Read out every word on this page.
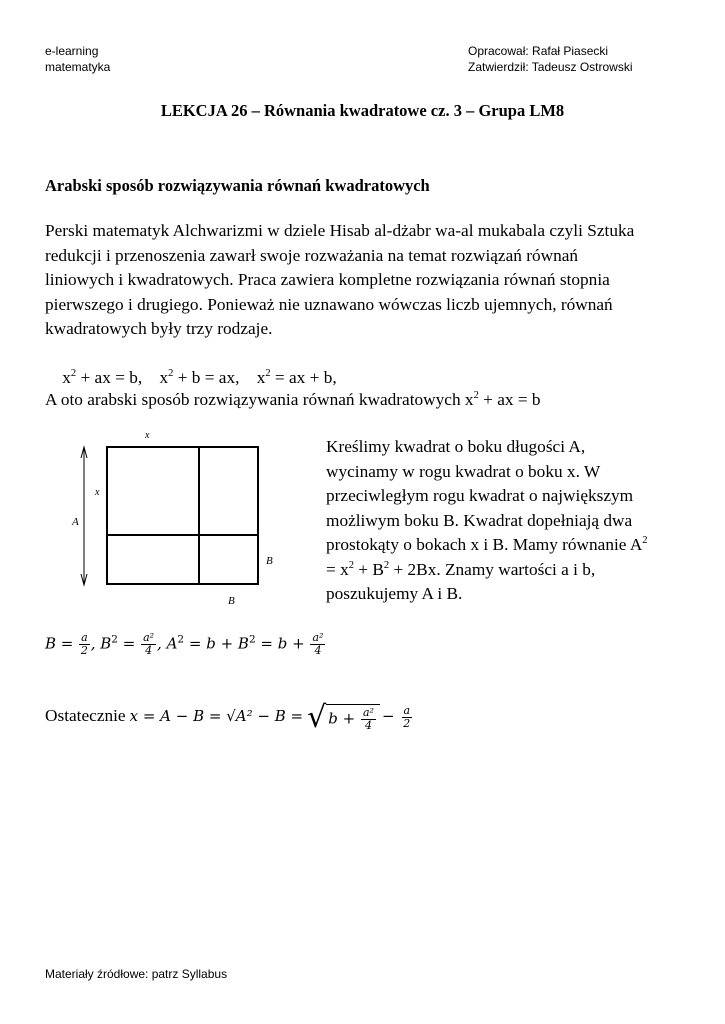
e-learning
matematyka
Opracował: Rafał Piasecki
Zatwierdził: Tadeusz Ostrowski
LEKCJA 26 – Równania kwadratowe cz. 3 – Grupa LM8
Arabski sposób rozwiązywania równań kwadratowych
Perski matematyk Alchwarizmi w dziele Hisab al-dżabr wa-al mukabala czyli Sztuka
redukcji i przenoszenia zawarł swoje rozważania na temat rozwiązań równań
liniowych i kwadratowych. Praca zawiera kompletne rozwiązania równań stopnia
pierwszego i drugiego. Ponieważ nie uznawano wówczas liczb ujemnych, równań
kwadratowych były trzy rodzaje.

$x^2$ + ax = b, $x^2 + b$ = ax, $x^2$ = ax + b,

A oto arabski sposób rozwiązywania równań kwadratowych $x^2$ + ax = b
x
x
A
B
B
Kreślimy kwadrat o boku długości A,
wycinamy w rogu kwadrat o boku x. W
przeciwległym rogu kwadrat o największym
możliwym boku B. Kwadrat dopełniają dwa
prostokąty o bokach x i B. Mamy równanie $A^2$
= $x^2 + B^2 + 2Bx$. Znamy wartości a i b,
poszukujemy A i B.
$B = \frac{a}{2}$ , $B^2 = \frac{\text{a²}}{4}$ , $A^2 = b + B^2 = b + \frac{\text{a²}}{4}$
Ostatecznie x = A − B = √A² − B = √ $b + \frac{\text{a²}}{4} - \frac{a}{2}$
Materiały źródłowe: patrz Syllabus
